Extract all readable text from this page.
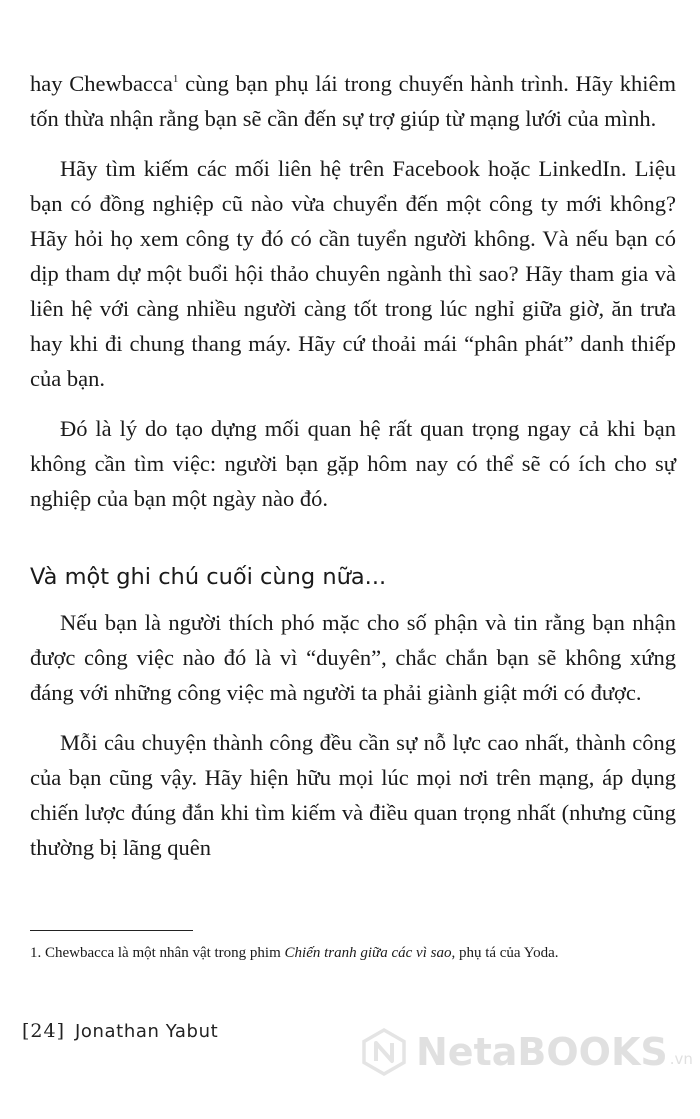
hay Chewbacca$^1$ cùng bạn phụ lái trong chuyến hành trình. Hãy khiêm tốn thừa nhận rằng bạn sẽ cần đến sự trợ giúp từ mạng lưới của mình.

Hãy tìm kiếm các mối liên hệ trên Facebook hoặc LinkedIn. Liệu bạn có đồng nghiệp cũ nào vừa chuyển đến một công ty mới không? Hãy hỏi họ xem công ty đó có cần tuyển người không. Và nếu bạn có dịp tham dự một buổi hội thảo chuyên ngành thì sao? Hãy tham gia và liên hệ với càng nhiều người càng tốt trong lúc nghỉ giữa giờ, ăn trưa hay khi đi chung thang máy. Hãy cứ thoải mái “phân phát” danh thiếp của bạn.

Đó là lý do tạo dựng mối quan hệ rất quan trọng ngay cả khi bạn không cần tìm việc: người bạn gặp hôm nay có thể sẽ có ích cho sự nghiệp của bạn một ngày nào đó.

Và một ghi chú cuối cùng nữa...

Nếu bạn là người thích phó mặc cho số phận và tin rằng bạn nhận được công việc nào đó là vì “duyên”, chắc chắn bạn sẽ không xứng đáng với những công việc mà người ta phải giành giật mới có được.

Mỗi câu chuyện thành công đều cần sự nỗ lực cao nhất, thành công của bạn cũng vậy. Hãy hiện hữu mọi lúc mọi nơi trên mạng, áp dụng chiến lược đúng đắn khi tìm kiếm và điều quan trọng nhất (nhưng cũng thường bị lãng quên

1. Chewbacca là một nhân vật trong phim Chiến tranh giữa các vì sao, phụ tá của Yoda.
[24] Jonathan Yabut	NetaBOOKS .vn
